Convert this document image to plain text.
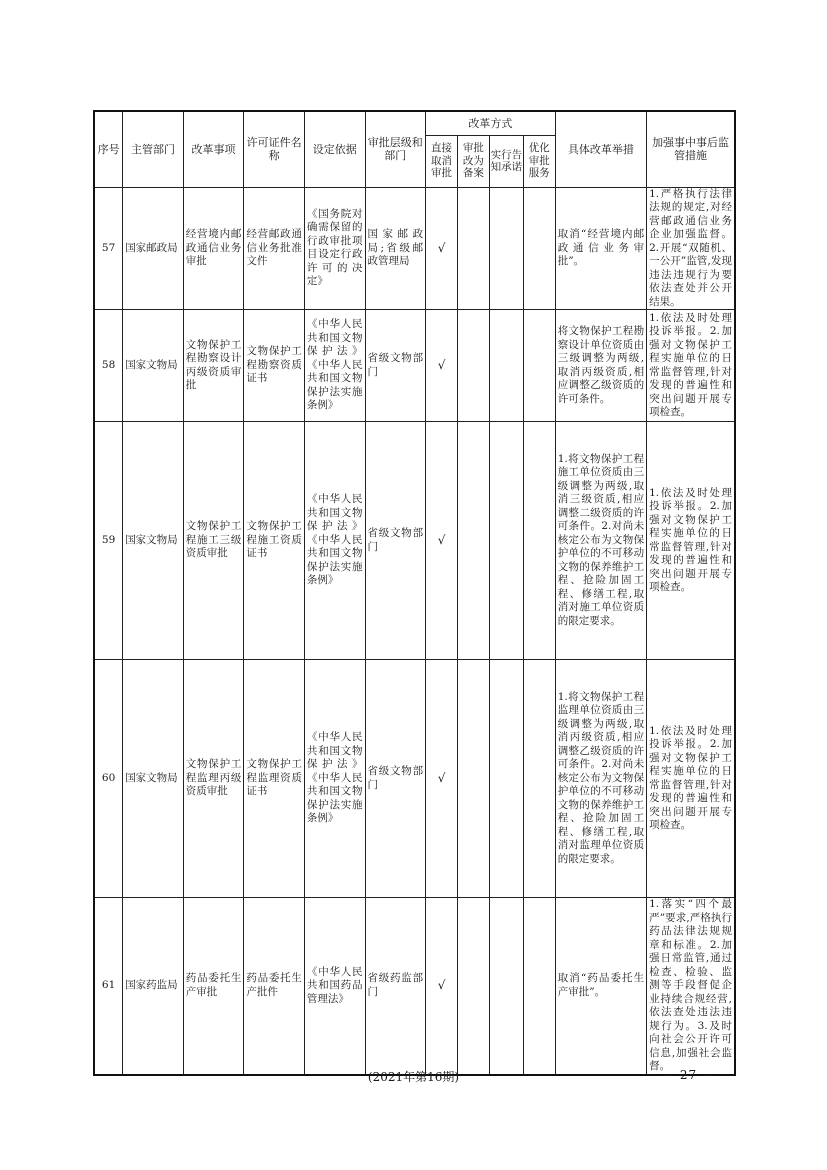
序号	主管部门	改革事项	许可证件名称	设定依据	审批层级和部门	改革方式				具体改革举措	加强事中事后监管措施
						直接取消审批	审批改为备案	实行告知承诺	优化审批服务		
57	国家邮政局	经营境内邮政通信业务审批	经营邮政通信业务批准文件	《国务院对确需保留的行政审批项目设定行政许可的决定》	国家邮政局;省级邮政管理局	√				取消“经营境内邮政通信业务审批”。	1.严格执行法律法规的规定,对经营邮政通信业务企业加强监督。2.开展“双随机、一公开”监管,发现违法违规行为要依法查处并公开结果。
58	国家文物局	文物保护工程勘察设计丙级资质审批	文物保护工程勘察资质证书	《中华人民共和国文物保护法》《中华人民共和国文物保护法实施条例》	省级文物部门	√				将文物保护工程勘察设计单位资质由三级调整为两级,取消丙级资质,相应调整乙级资质的许可条件。	1.依法及时处理投诉举报。2.加强对文物保护工程实施单位的日常监督管理,针对发现的普遍性和突出问题开展专项检查。
59	国家文物局	文物保护工程施工三级资质审批	文物保护工程施工资质证书	《中华人民共和国文物保护法》《中华人民共和国文物保护法实施条例》	省级文物部门	√				1.将文物保护工程施工单位资质由三级调整为两级,取消三级资质,相应调整二级资质的许可条件。2.对尚未核定公布为文物保护单位的不可移动文物的保养维护工程、抢险加固工程、修缮工程,取消对施工单位资质的限定要求。	1.依法及时处理投诉举报。2.加强对文物保护工程实施单位的日常监督管理,针对发现的普遍性和突出问题开展专项检查。
60	国家文物局	文物保护工程监理丙级资质审批	文物保护工程监理资质证书	《中华人民共和国文物保护法》《中华人民共和国文物保护法实施条例》	省级文物部门	√				1.将文物保护工程监理单位资质由三级调整为两级,取消丙级资质,相应调整乙级资质的许可条件。2.对尚未核定公布为文物保护单位的不可移动文物的保养维护工程、抢险加固工程、修缮工程,取消对监理单位资质的限定要求。	1.依法及时处理投诉举报。2.加强对文物保护工程实施单位的日常监督管理,针对发现的普遍性和突出问题开展专项检查。
61	国家药监局	药品委托生产审批	药品委托生产批件	《中华人民共和国药品管理法》	省级药监部门	√				取消“药品委托生产审批”。	1.落实“四个最严”要求,严格执行药品法律法规规章和标准。2.加强日常监管,通过检查、检验、监测等手段督促企业持续合规经营,依法查处违法违规行为。3.及时向社会公开许可信息,加强社会监督。
(2021年第16期)	— 27 —
